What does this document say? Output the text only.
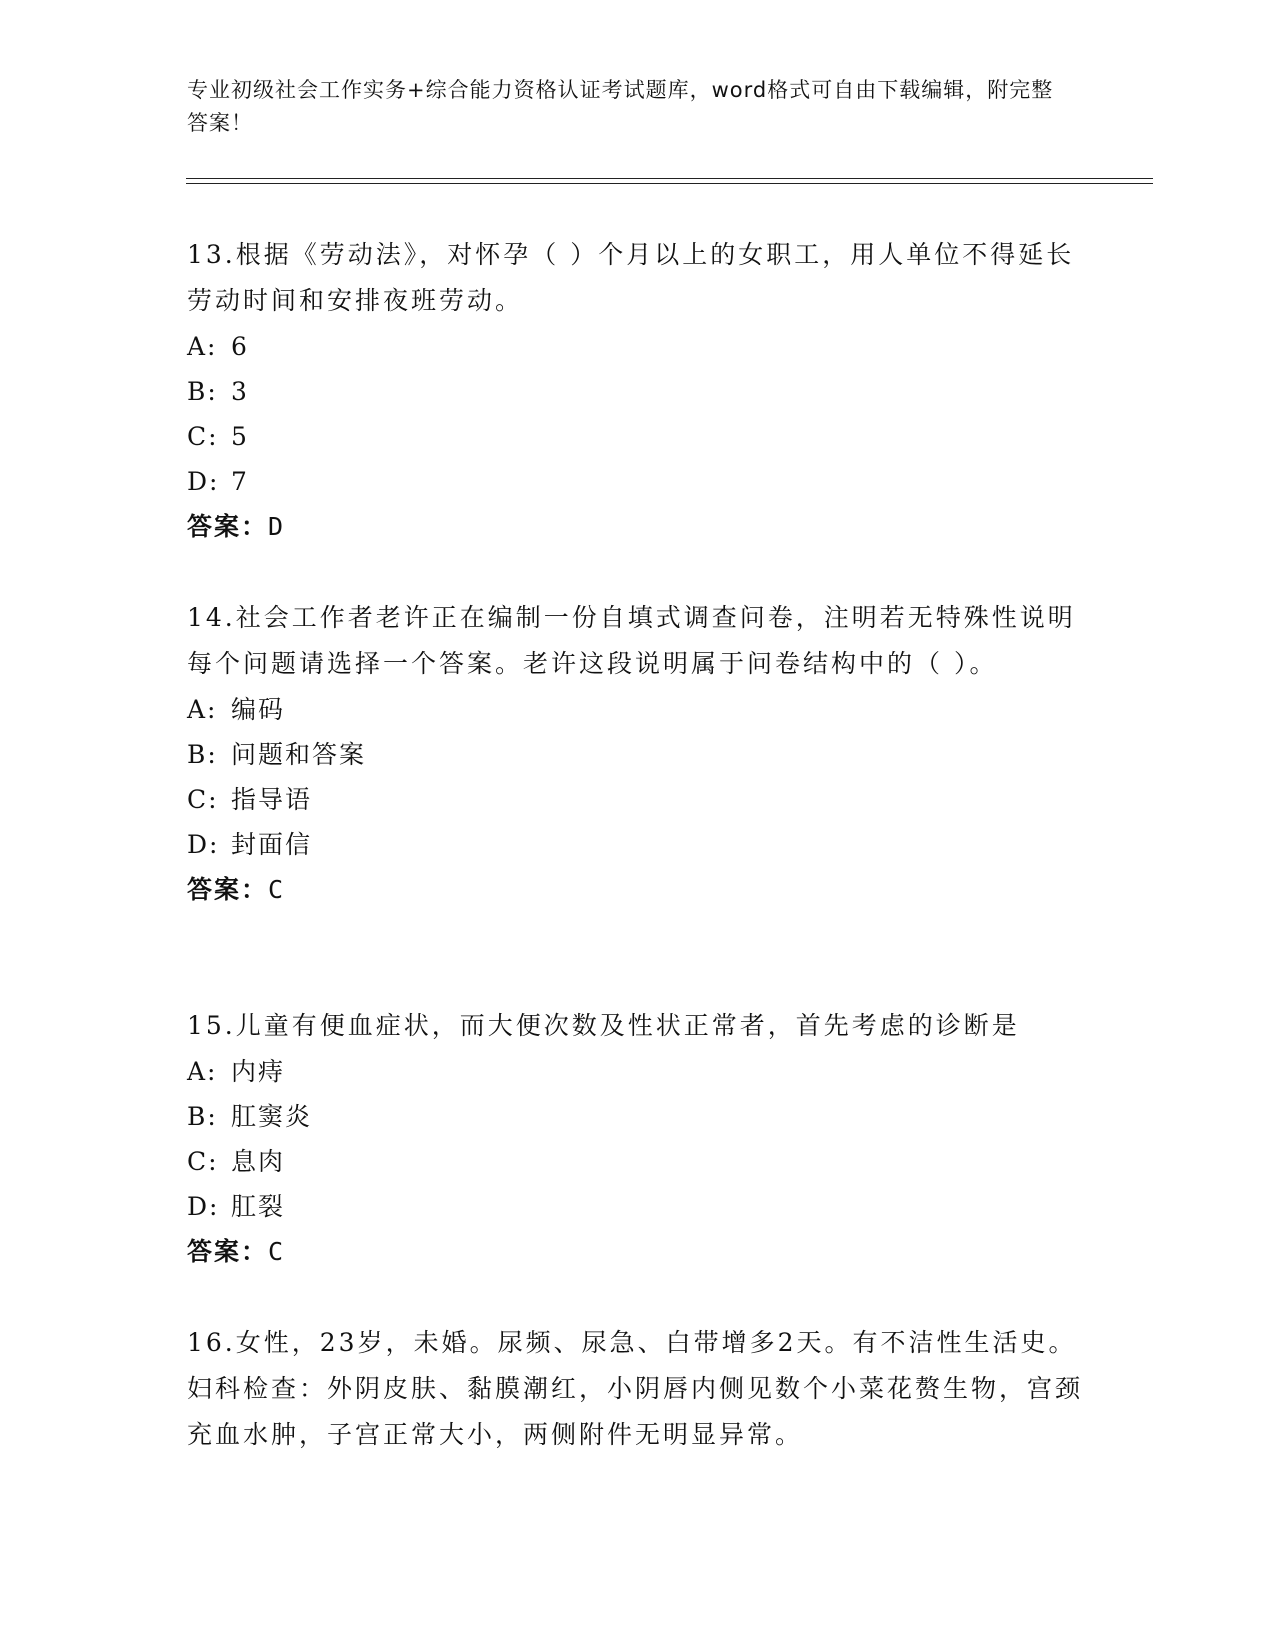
专业初级社会工作实务+综合能力资格认证考试题库，word格式可自由下载编辑，附完整答案！

13.根据《劳动法》，对怀孕（ ）个月以上的女职工，用人单位不得延长劳动时间和安排夜班劳动。

A: 6
B: 3
C: 5
D: 7
答案： D

14.社会工作者老许正在编制一份自填式调查问卷，注明若无特殊性说明每个问题请选择一个答案。老许这段说明属于问卷结构中的（ ）。

A: 编码
B: 问题和答案
C: 指导语
D: 封面信
答案： C

15.儿童有便血症状，而大便次数及性状正常者，首先考虑的诊断是

A: 内痔
B: 肛窦炎
C: 息肉
D: 肛裂
答案： C

16.女性，23岁，未婚。尿频、尿急、白带增多2天。有不洁性生活史。妇科检查：外阴皮肤、黏膜潮红，小阴唇内侧见数个小菜花赘生物，宫颈充血水肿，子宫正常大小，两侧附件无明显异常。
